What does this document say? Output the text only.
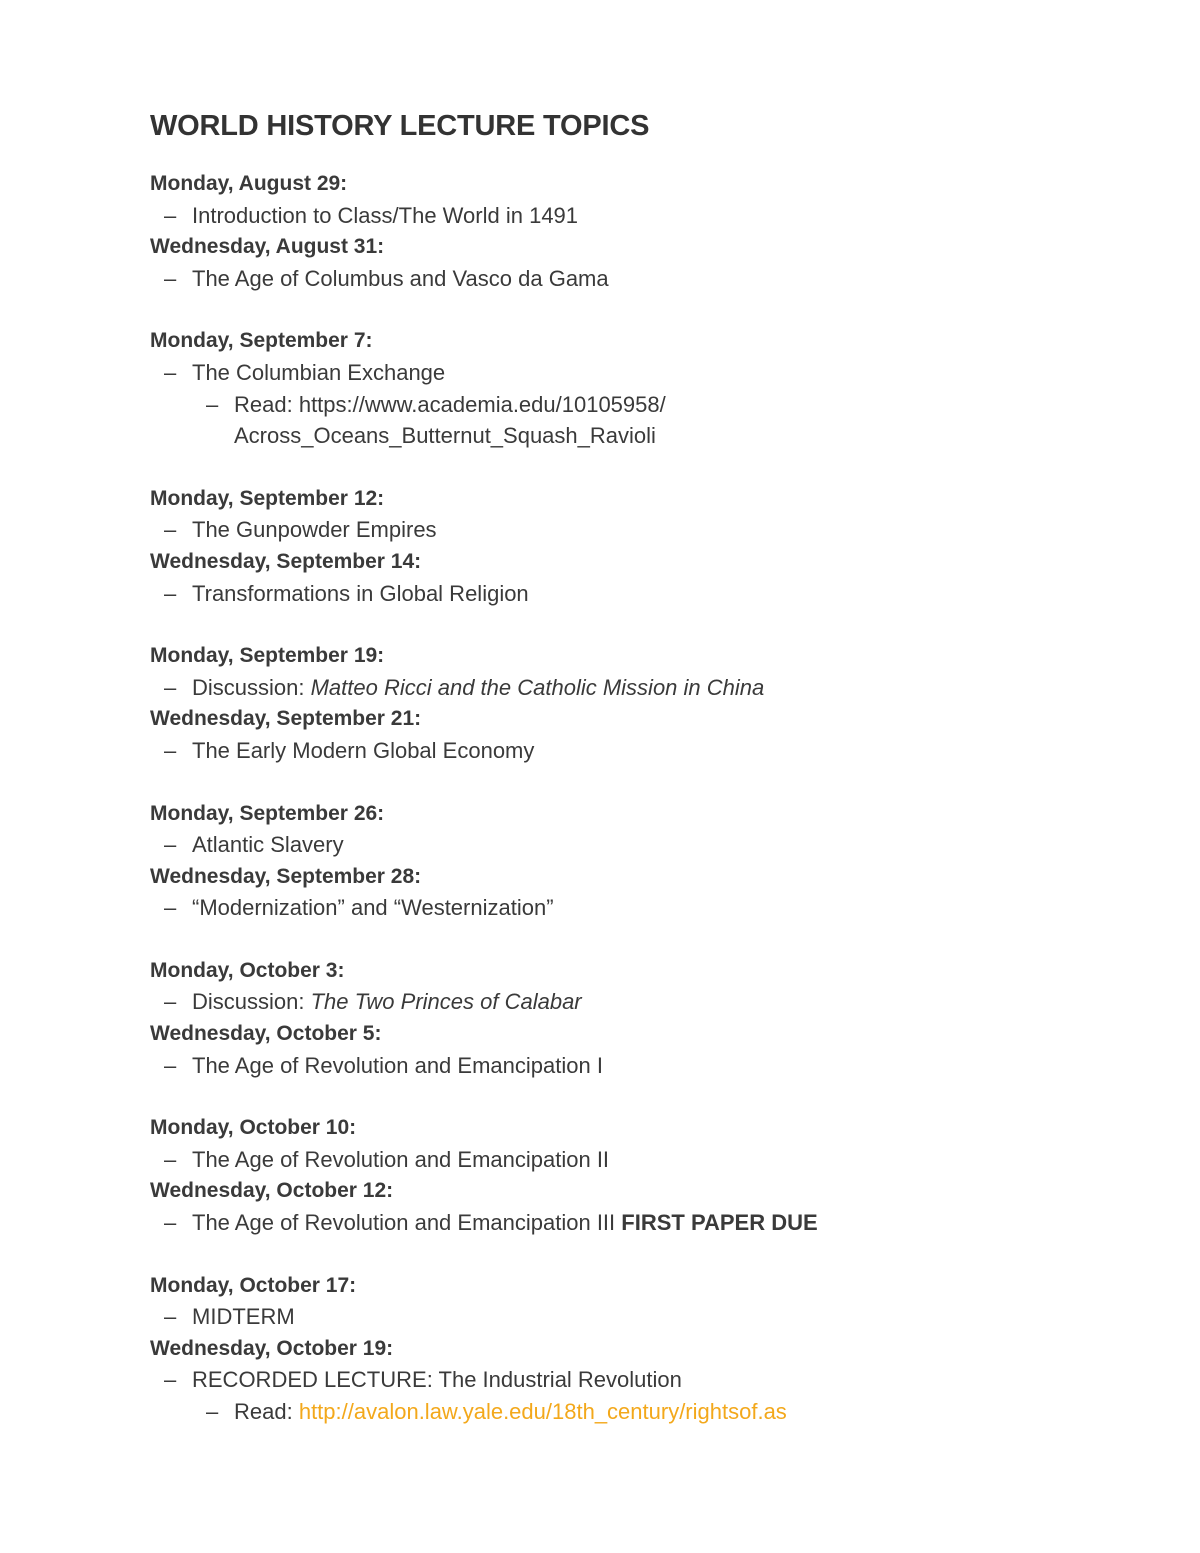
WORLD HISTORY LECTURE TOPICS
Monday, August 29:
– Introduction to Class/The World in 1491
Wednesday, August 31:
– The Age of Columbus and Vasco da Gama
Monday, September 7:
– The Columbian Exchange
– Read: https://www.academia.edu/10105958/
Across_Oceans_Butternut_Squash_Ravioli
Monday, September 12:
– The Gunpowder Empires
Wednesday, September 14:
– Transformations in Global Religion
Monday, September 19:
– Discussion: Matteo Ricci and the Catholic Mission in China
Wednesday, September 21:
– The Early Modern Global Economy
Monday, September 26:
– Atlantic Slavery
Wednesday, September 28:
– “Modernization” and “Westernization”
Monday, October 3:
– Discussion: The Two Princes of Calabar
Wednesday, October 5:
– The Age of Revolution and Emancipation I
Monday, October 10:
– The Age of Revolution and Emancipation II
Wednesday, October 12:
– The Age of Revolution and Emancipation III FIRST PAPER DUE
Monday, October 17:
– MIDTERM
Wednesday, October 19:
– RECORDED LECTURE: The Industrial Revolution
– Read: http://avalon.law.yale.edu/18th_century/rightsof.as
